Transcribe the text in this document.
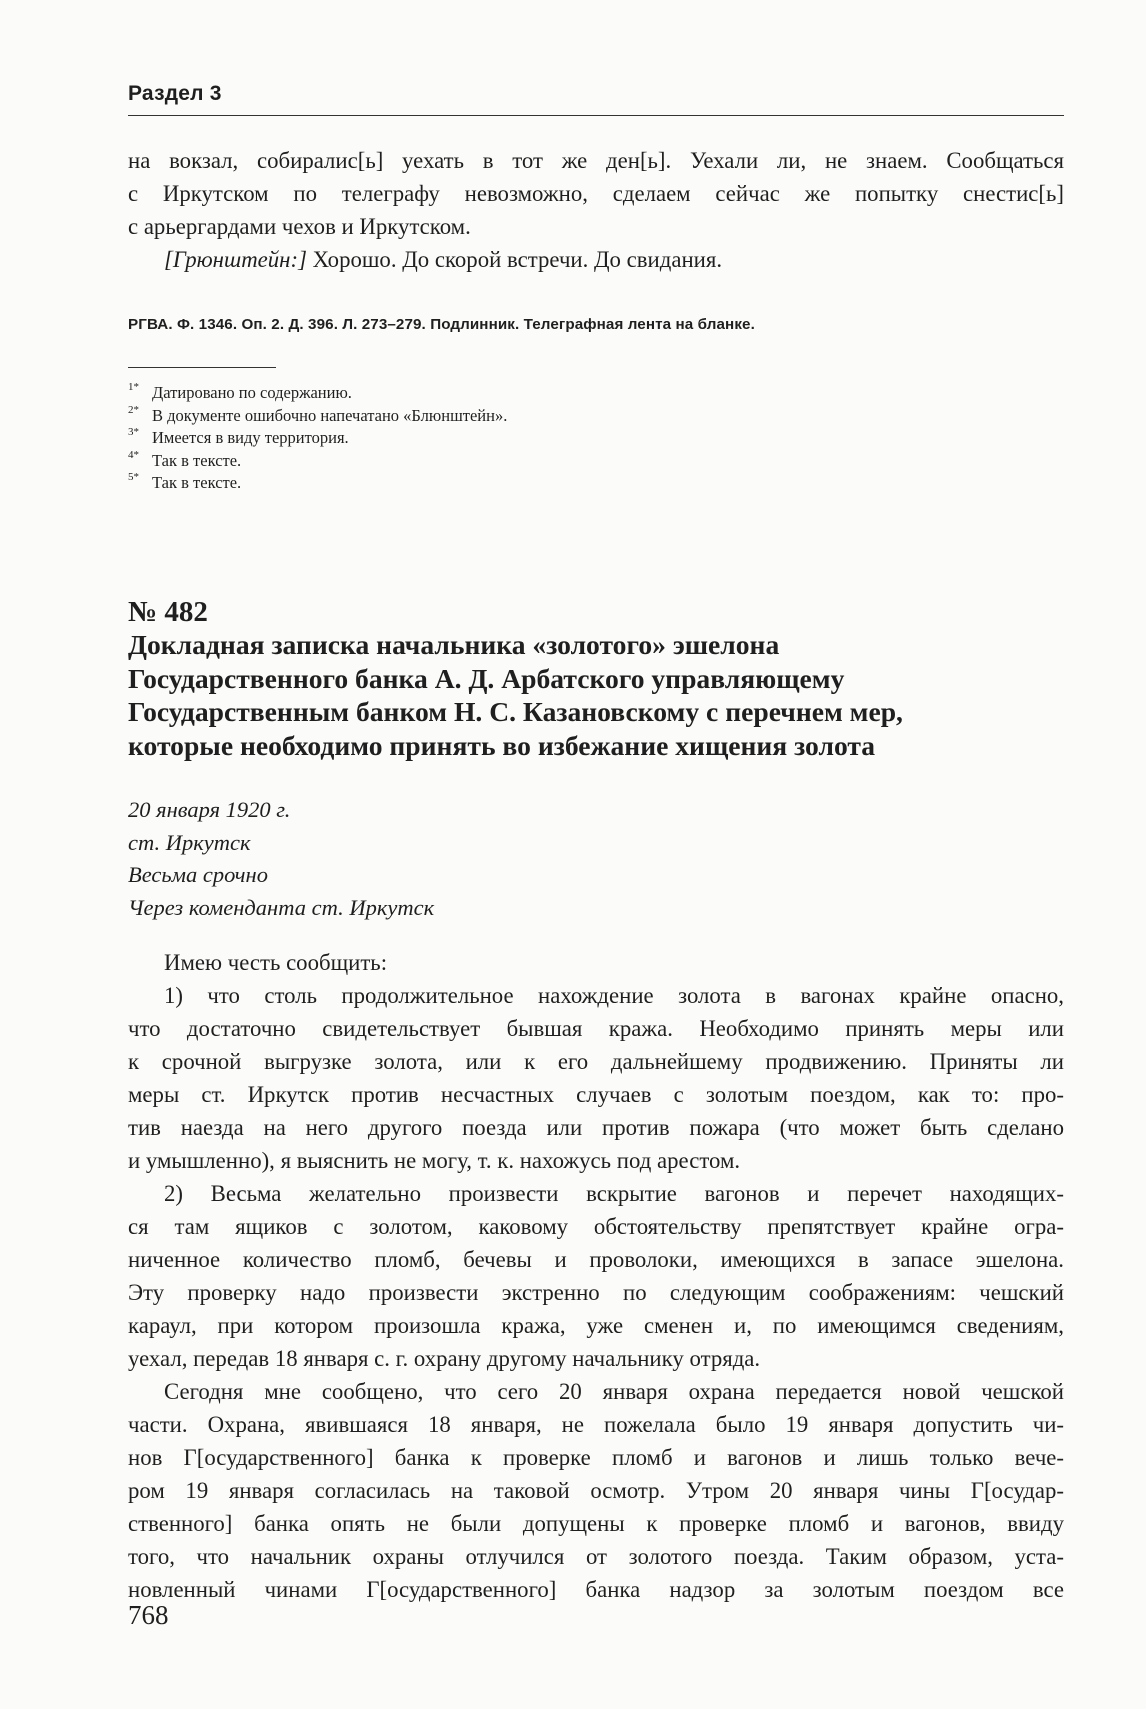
Раздел 3
на вокзал, собиралис[ь] уехать в тот же ден[ь]. Уехали ли, не знаем. Сообщаться
с Иркутском по телеграфу невозможно, сделаем сейчас же попытку снестис[ь]
с арьергардами чехов и Иркутском.
[Грюнштейн:] Хорошо. До скорой встречи. До свидания.
РГВА. Ф. 1346. Оп. 2. Д. 396. Л. 273–279. Подлинник. Телеграфная лента на бланке.
1* Датировано по содержанию.
2* В документе ошибочно напечатано «Блюнштейн».
3* Имеется в виду территория.
4* Так в тексте.
5* Так в тексте.
№ 482
Докладная записка начальника «золотого» эшелона
Государственного банка А. Д. Арбатского управляющему
Государственным банком Н. С. Казановскому с перечнем мер,
которые необходимо принять во избежание хищения золота
20 января 1920 г.
ст. Иркутск
Весьма срочно
Через коменданта ст. Иркутск
Имею честь сообщить:
1) что столь продолжительное нахождение золота в вагонах крайне опасно,
что достаточно свидетельствует бывшая кража. Необходимо принять меры или
к срочной выгрузке золота, или к его дальнейшему продвижению. Приняты ли
меры ст. Иркутск против несчастных случаев с золотым поездом, как то: про-
тив наезда на него другого поезда или против пожара (что может быть сделано
и умышленно), я выяснить не могу, т. к. нахожусь под арестом.
2) Весьма желательно произвести вскрытие вагонов и перечет находящих-
ся там ящиков с золотом, каковому обстоятельству препятствует крайне огра-
ниченное количество пломб, бечевы и проволоки, имеющихся в запасе эшелона.
Эту проверку надо произвести экстренно по следующим соображениям: чешский
караул, при котором произошла кража, уже сменен и, по имеющимся сведениям,
уехал, передав 18 января с. г. охрану другому начальнику отряда.
Сегодня мне сообщено, что сего 20 января охрана передается новой чешской
части. Охрана, явившаяся 18 января, не пожелала было 19 января допустить чи-
нов Г[осударственного] банка к проверке пломб и вагонов и лишь только вече-
ром 19 января согласилась на таковой осмотр. Утром 20 января чины Г[осудар-
ственного] банка опять не были допущены к проверке пломб и вагонов, ввиду
того, что начальник охраны отлучился от золотого поезда. Таким образом, уста-
новленный чинами Г[осударственного] банка надзор за золотым поездом все
768
